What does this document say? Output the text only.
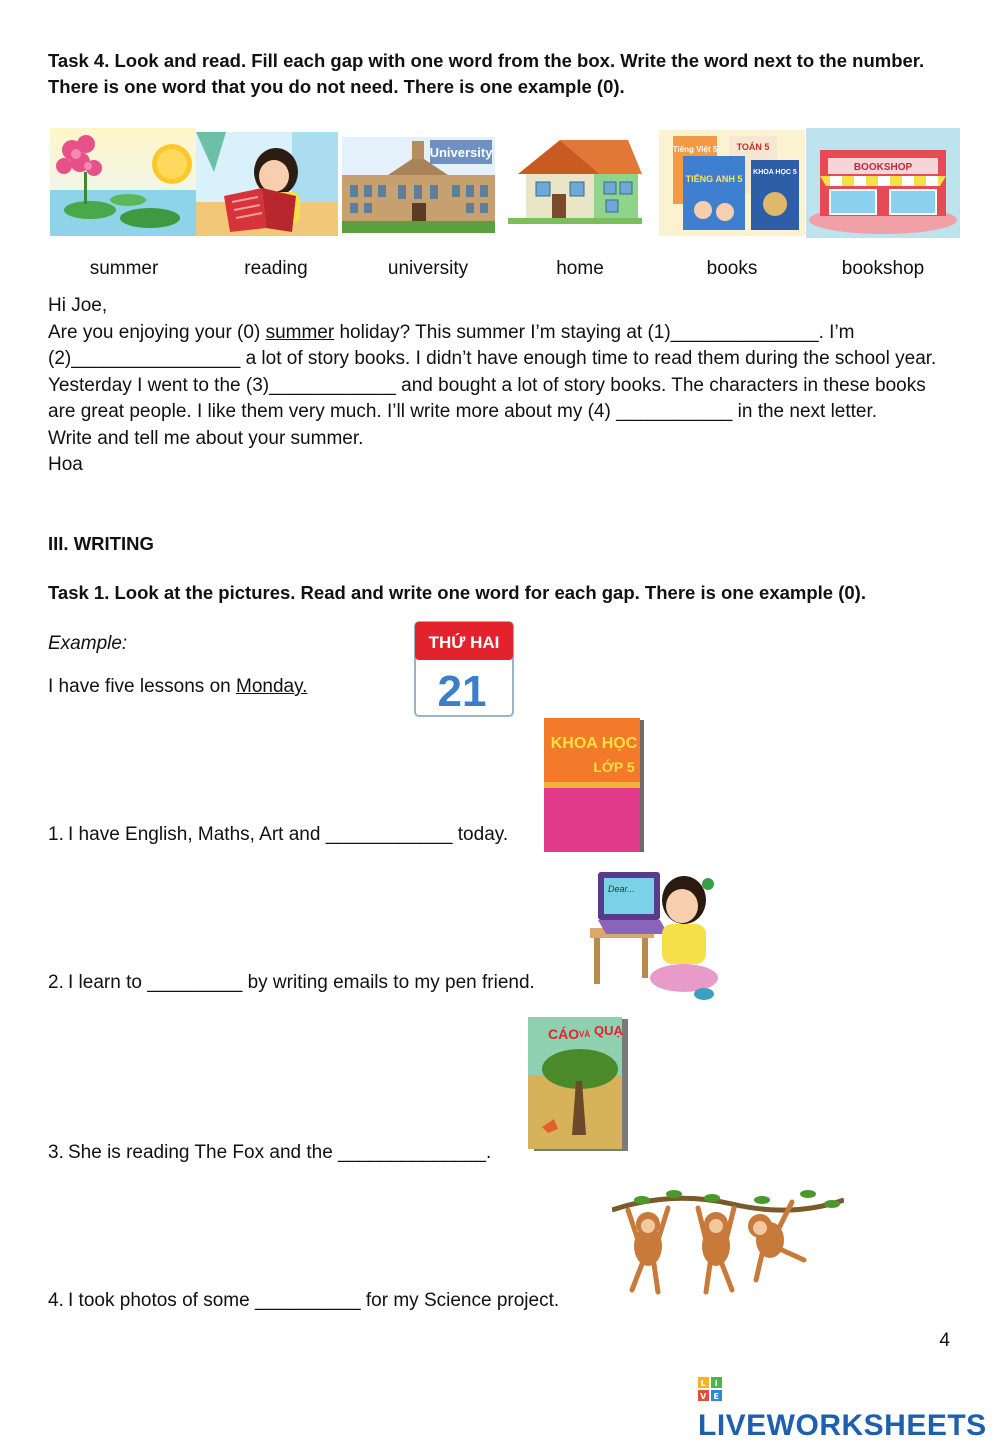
Task 4. Look and read. Fill each gap with one word from the box. Write the word next to the number. There is one word that you do not need. There is one example (0).
University	Tiếng Việt 5 TOÁN 5
TIẾNG ANH 5
KHOA HỌC 5	BOOKSHOP
summer	reading	university	home	books	bookshop

Hi Joe,

Are you enjoying your (0) summer holiday? This summer I’m staying at (1)______________. I’m (2)________________ a lot of story books. I didn’t have enough time to read them during the school year. Yesterday I went to the (3)____________ and bought a lot of story books. The characters in these books are great people. I like them very much. I’ll write more about my (4) ___________ in the next letter.

Write and tell me about your summer.

Hoa

III. WRITING
Task 1. Look at the pictures. Read and write one word for each gap. There is one example (0).
Example:
I have five lessons on Monday.
THỨ HAI
21
KHOA HỌC
LỚP 5
Dear...
CÁO VÀ QUẠ
1. I have English, Maths, Art and ____________ today.
2. I learn to _________ by writing emails to my pen friend.
3. She is reading The Fox and the ______________.
4. I took photos of some __________ for my Science project.
4
L I
V E
LIVEWORKSHEETS
